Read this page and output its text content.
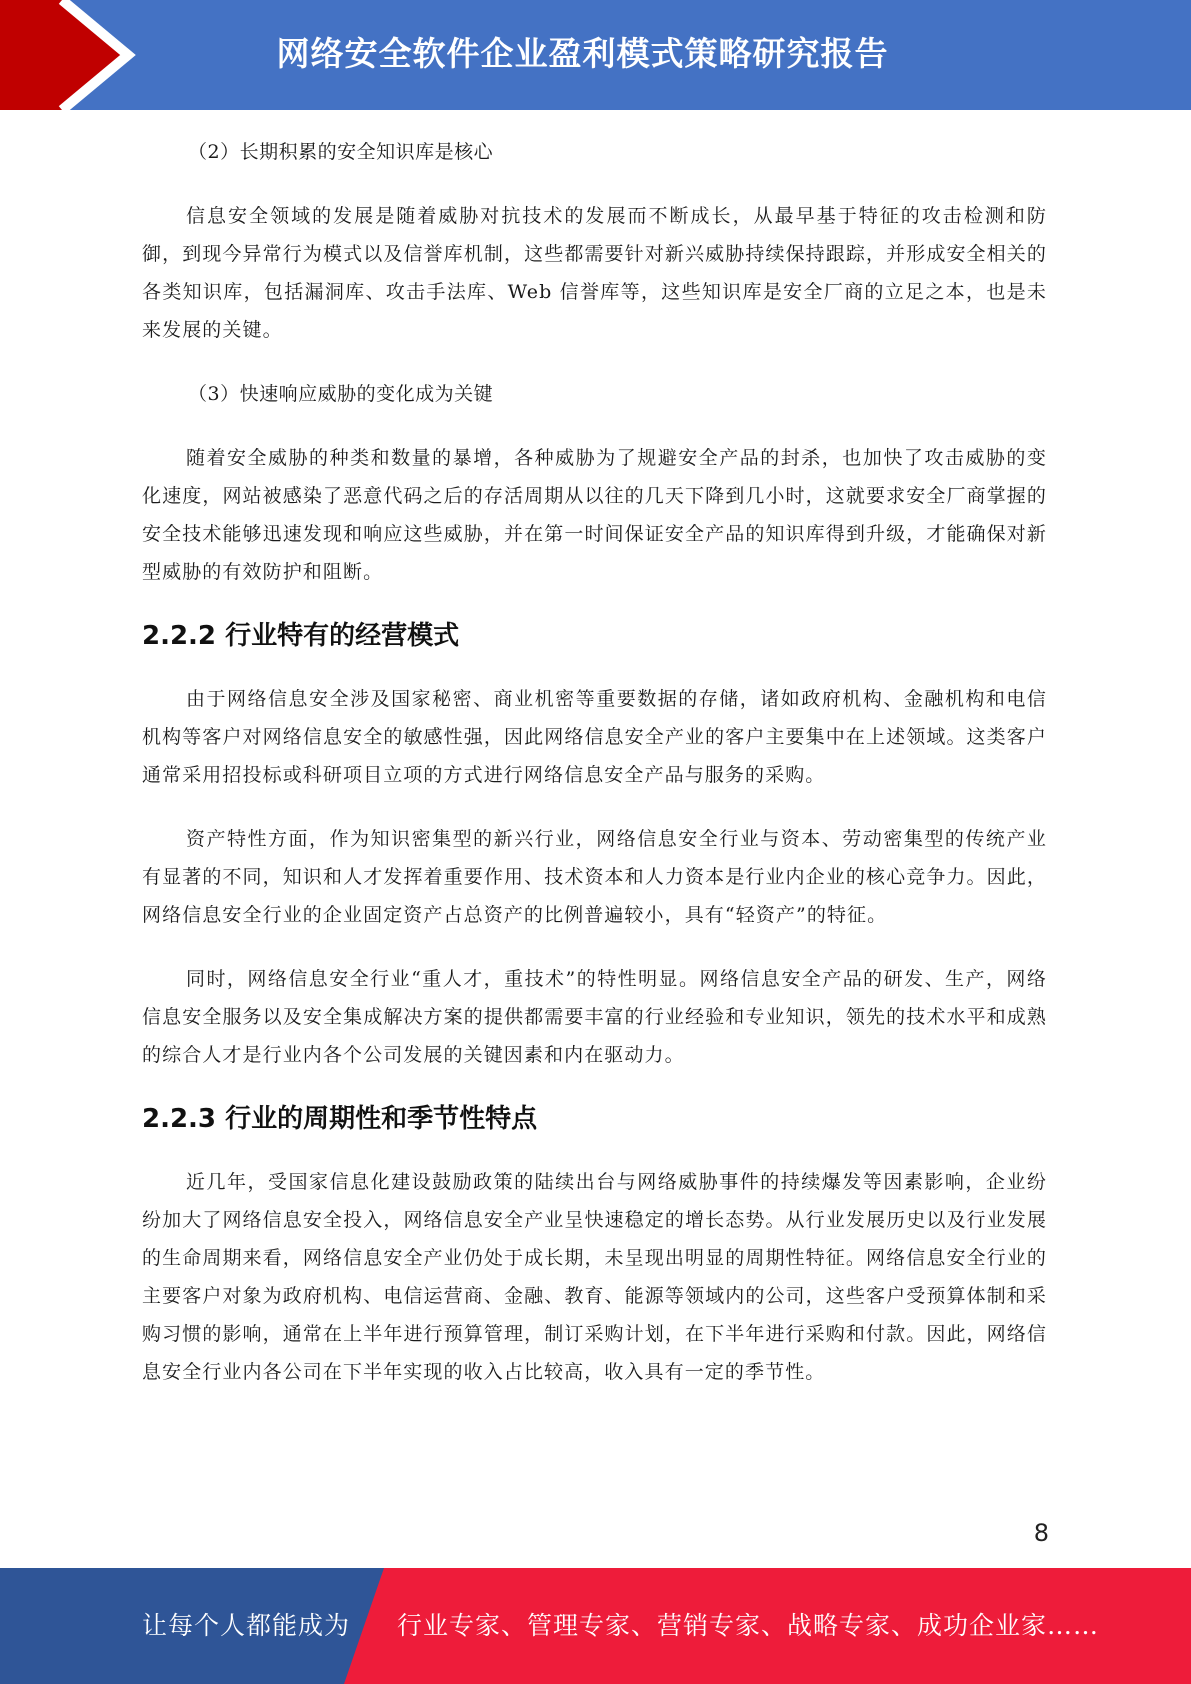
网络安全软件企业盈利模式策略研究报告

（2）长期积累的安全知识库是核心

信息安全领域的发展是随着威胁对抗技术的发展而不断成长，从最早基于特征的攻击检测和防御，到现今异常行为模式以及信誉库机制，这些都需要针对新兴威胁持续保持跟踪，并形成安全相关的各类知识库，包括漏洞库、攻击手法库、Web 信誉库等，这些知识库是安全厂商的立足之本，也是未来发展的关键。

（3）快速响应威胁的变化成为关键

随着安全威胁的种类和数量的暴增，各种威胁为了规避安全产品的封杀，也加快了攻击威胁的变化速度，网站被感染了恶意代码之后的存活周期从以往的几天下降到几小时，这就要求安全厂商掌握的安全技术能够迅速发现和响应这些威胁，并在第一时间保证安全产品的知识库得到升级，才能确保对新型威胁的有效防护和阻断。

2.2.2 行业特有的经营模式

由于网络信息安全涉及国家秘密、商业机密等重要数据的存储，诸如政府机构、金融机构和电信机构等客户对网络信息安全的敏感性强，因此网络信息安全产业的客户主要集中在上述领域。这类客户通常采用招投标或科研项目立项的方式进行网络信息安全产品与服务的采购。

资产特性方面，作为知识密集型的新兴行业，网络信息安全行业与资本、劳动密集型的传统产业有显著的不同，知识和人才发挥着重要作用、技术资本和人力资本是行业内企业的核心竞争力。因此，网络信息安全行业的企业固定资产占总资产的比例普遍较小，具有“轻资产”的特征。

同时，网络信息安全行业“重人才，重技术”的特性明显。网络信息安全产品的研发、生产，网络信息安全服务以及安全集成解决方案的提供都需要丰富的行业经验和专业知识，领先的技术水平和成熟的综合人才是行业内各个公司发展的关键因素和内在驱动力。

2.2.3 行业的周期性和季节性特点

近几年，受国家信息化建设鼓励政策的陆续出台与网络威胁事件的持续爆发等因素影响，企业纷纷加大了网络信息安全投入，网络信息安全产业呈快速稳定的增长态势。从行业发展历史以及行业发展的生命周期来看，网络信息安全产业仍处于成长期，未呈现出明显的周期性特征。网络信息安全行业的主要客户对象为政府机构、电信运营商、金融、教育、能源等领域内的公司，这些客户受预算体制和采购习惯的影响，通常在上半年进行预算管理，制订采购计划，在下半年进行采购和付款。因此，网络信息安全行业内各公司在下半年实现的收入占比较高，收入具有一定的季节性。

8
让每个人都能成为 行业专家、管理专家、营销专家、战略专家、成功企业家……
